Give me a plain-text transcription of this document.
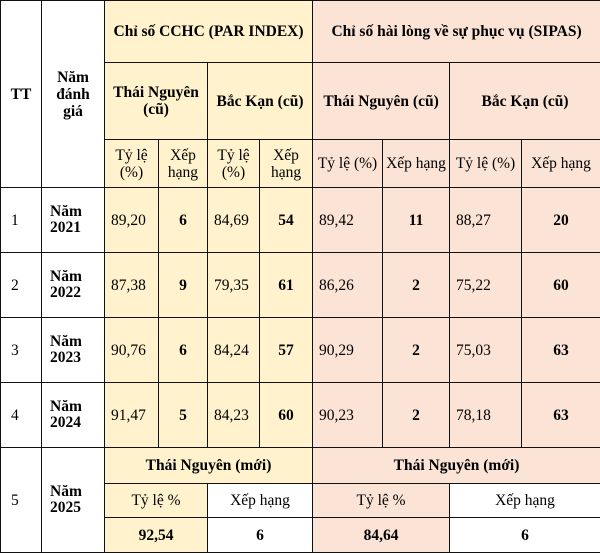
TT	Năm đánh giá	Chỉ số CCHC (PAR INDEX)				Chỉ số hài lòng về sự phục vụ (SIPAS)			
		Thái Nguyên (cũ)		Bắc Kạn (cũ)		Thái Nguyên (cũ)		Bắc Kạn (cũ)	
		Tỷ lệ (%)	Xếp hạng	Tỷ lệ (%)	Xếp hạng	Tỷ lệ (%)	Xếp hạng	Tỷ lệ (%)	Xếp hạng
1	Năm 2021	89,20	6	84,69	54	89,42	11	88,27	20
2	Năm 2022	87,38	9	79,35	61	86,26	2	75,22	60
3	Năm 2023	90,76	6	84,24	57	90,29	2	75,03	63
4	Năm 2024	91,47	5	84,23	60	90,23	2	78,18	63
5	Năm 2025	Thái Nguyên (mới)				Thái Nguyên (mới)			
		Tỷ lệ %		Xếp hạng		Tỷ lệ %		Xếp hạng	
		92,54		6		84,64		6	
